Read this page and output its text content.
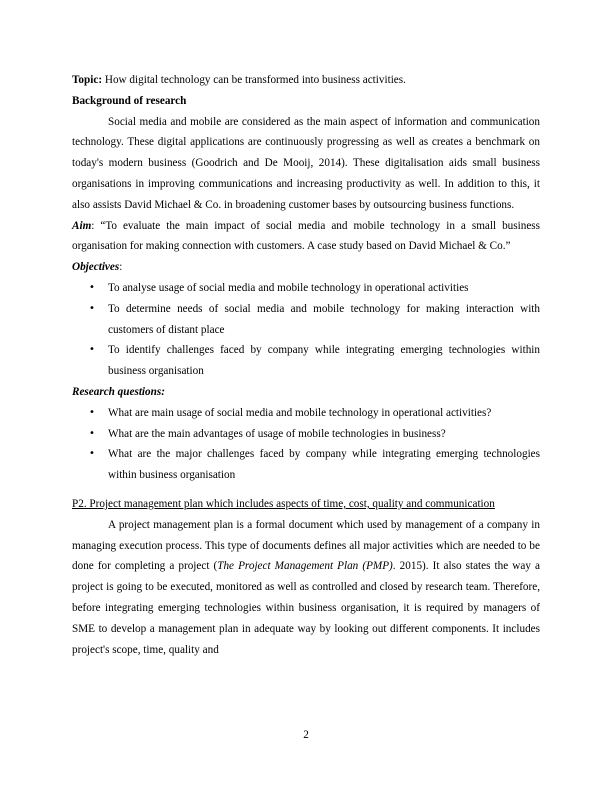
Topic: How digital technology can be transformed into business activities.

Background of research

Social media and mobile are considered as the main aspect of information and communication technology. These digital applications are continuously progressing as well as creates a benchmark on today's modern business (Goodrich and De Mooij, 2014). These digitalisation aids small business organisations in improving communications and increasing productivity as well. In addition to this, it also assists David Michael & Co. in broadening customer bases by outsourcing business functions.

Aim: “To evaluate the main impact of social media and mobile technology in a small business organisation for making connection with customers. A case study based on David Michael & Co.”

Objectives:

•	To analyse usage of social media and mobile technology in operational activities
•	To determine needs of social media and mobile technology for making interaction with customers of distant place
•	To identify challenges faced by company while integrating emerging technologies within business organisation

Research questions:

•	What are main usage of social media and mobile technology in operational activities?
•	What are the main advantages of usage of mobile technologies in business?
•	What are the major challenges faced by company while integrating emerging technologies within business organisation

P2. Project management plan which includes aspects of time, cost, quality and communication

A project management plan is a formal document which used by management of a company in managing execution process. This type of documents defines all major activities which are needed to be done for completing a project (The Project Management Plan (PMP). 2015). It also states the way a project is going to be executed, monitored as well as controlled and closed by research team. Therefore, before integrating emerging technologies within business organisation, it is required by managers of SME to develop a management plan in adequate way by looking out different components. It includes project's scope, time, quality and

2
